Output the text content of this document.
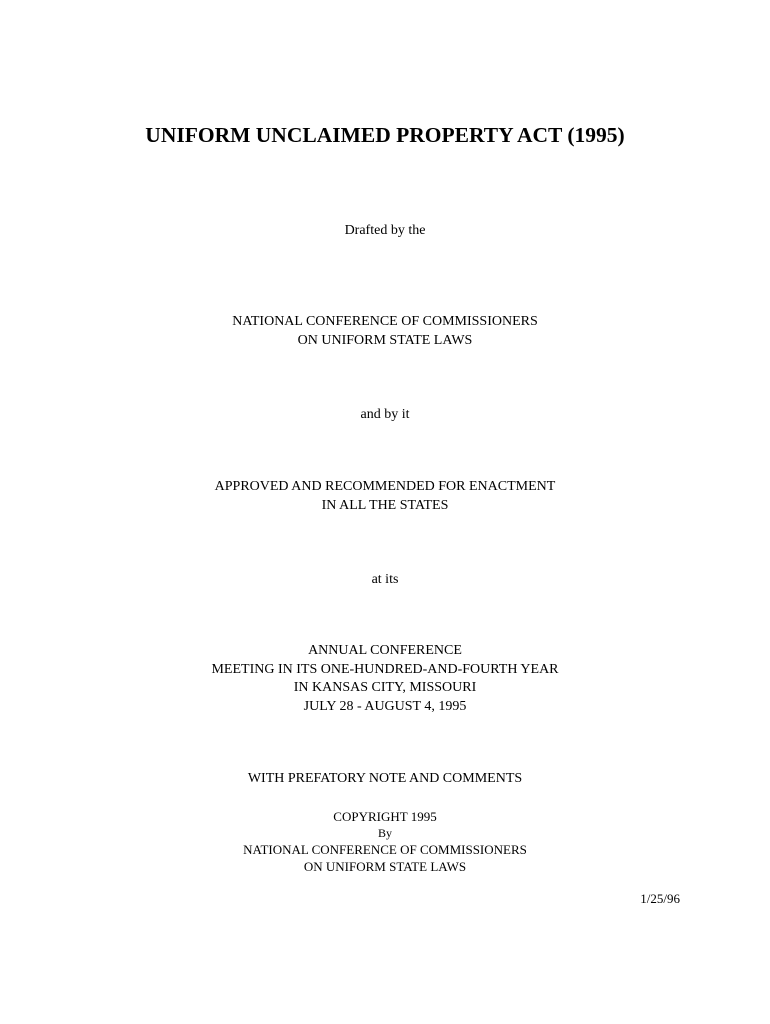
UNIFORM UNCLAIMED PROPERTY ACT (1995)
Drafted by the
NATIONAL CONFERENCE OF COMMISSIONERS
ON UNIFORM STATE LAWS
and by it
APPROVED AND RECOMMENDED FOR ENACTMENT
IN ALL THE STATES
at its
ANNUAL CONFERENCE
MEETING IN ITS ONE-HUNDRED-AND-FOURTH YEAR
IN KANSAS CITY, MISSOURI
JULY 28 - AUGUST 4, 1995
WITH PREFATORY NOTE AND COMMENTS
COPYRIGHT 1995
By
NATIONAL CONFERENCE OF COMMISSIONERS
ON UNIFORM STATE LAWS
1/25/96
